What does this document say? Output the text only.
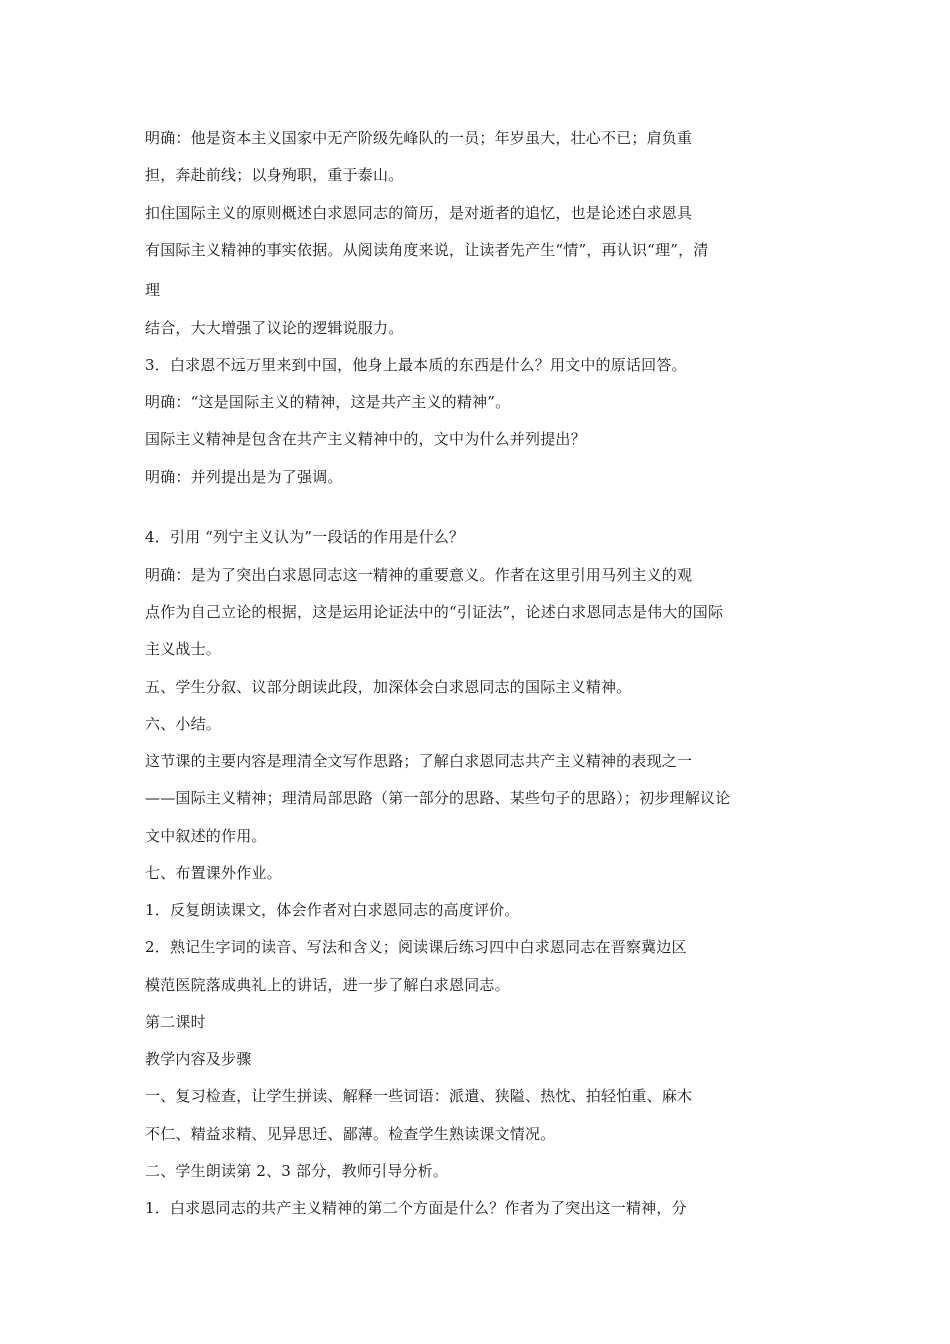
明确：他是资本主义国家中无产阶级先峰队的一员；年岁虽大，壮心不已；肩负重
担，奔赴前线；以身殉职，重于泰山。
扣住国际主义的原则概述白求恩同志的简历，是对逝者的追忆，也是论述白求恩具
有国际主义精神的事实依据。从阅读角度来说，让读者先产生“情”，再认识“理”，清
理
结合，大大增强了议论的逻辑说服力。
3．白求恩不远万里来到中国，他身上最本质的东西是什么？用文中的原话回答。
明确：“这是国际主义的精神，这是共产主义的精神”。
国际主义精神是包含在共产主义精神中的，文中为什么并列提出？
明确：并列提出是为了强调。
4．引用 “列宁主义认为”一段话的作用是什么？
明确：是为了突出白求恩同志这一精神的重要意义。作者在这里引用马列主义的观
点作为自己立论的根据，这是运用论证法中的“引证法”，论述白求恩同志是伟大的国际
主义战士。
五、学生分叙、议部分朗读此段，加深体会白求恩同志的国际主义精神。
六、小结。
这节课的主要内容是理清全文写作思路；了解白求恩同志共产主义精神的表现之一
——国际主义精神；理清局部思路（第一部分的思路、某些句子的思路）；初步理解议论
文中叙述的作用。
七、布置课外作业。
1．反复朗读课文，体会作者对白求恩同志的高度评价。
2．熟记生字词的读音、写法和含义；阅读课后练习四中白求恩同志在晋察冀边区
模范医院落成典礼上的讲话，进一步了解白求恩同志。
第二课时
教学内容及步骤
一、复习检查，让学生拼读、解释一些词语：派遣、狭隘、热忱、拍轻怕重、麻木
不仁、精益求精、见异思迁、鄙薄。检查学生熟读课文情况。
二、学生朗读第 2、3 部分，教师引导分析。
1．白求恩同志的共产主义精神的第二个方面是什么？作者为了突出这一精神，分
